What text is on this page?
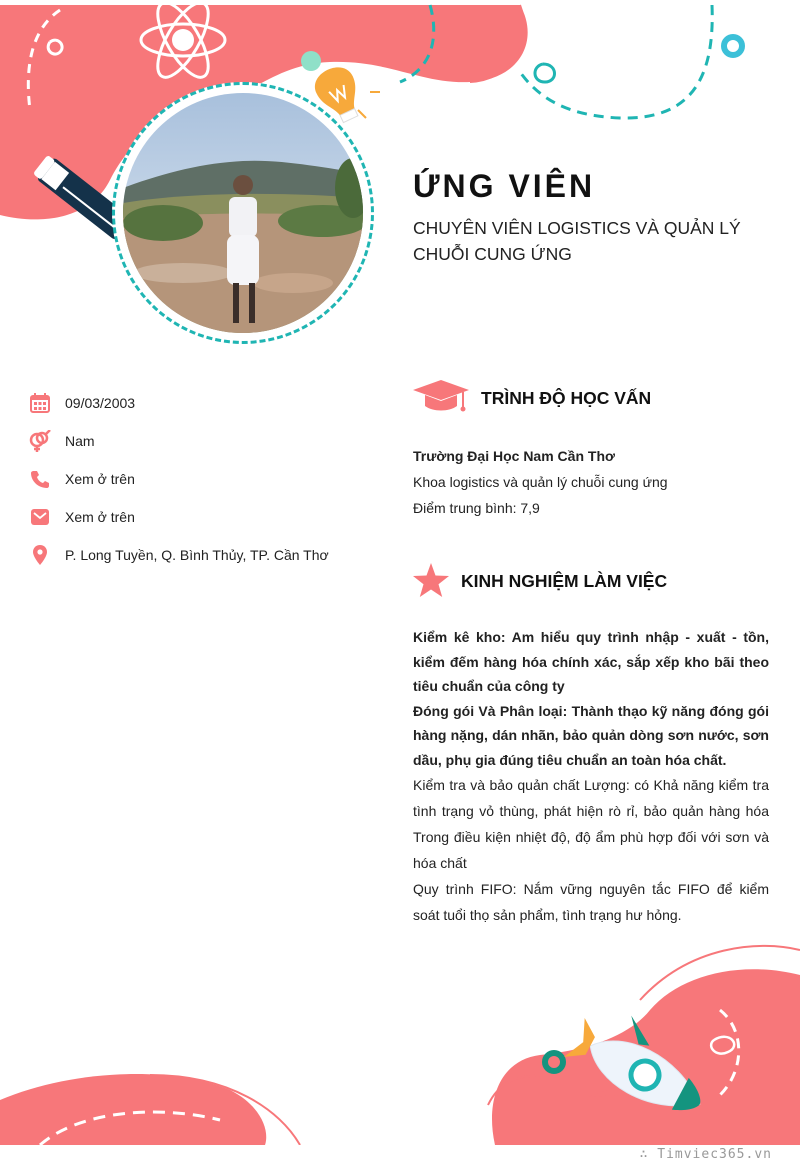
ỨNG VIÊN
CHUYÊN VIÊN LOGISTICS VÀ QUẢN LÝ CHUỖI CUNG ỨNG
09/03/2003
Nam
Xem ở trên
Xem ở trên
P. Long Tuyền, Q. Bình Thủy, TP. Cần Thơ
TRÌNH ĐỘ HỌC VẤN
Trường Đại Học Nam Cần Thơ
Khoa logistics và quản lý chuỗi cung ứng
Điểm trung bình: 7,9
KINH NGHIỆM LÀM VIỆC

Kiểm kê kho: Am hiểu quy trình nhập - xuất - tồn, kiểm đếm hàng hóa chính xác, sắp xếp kho bãi theo tiêu chuẩn của công ty

Đóng gói Và Phân loại: Thành thạo kỹ năng đóng gói hàng nặng, dán nhãn, bảo quản dòng sơn nước, sơn dầu, phụ gia đúng tiêu chuẩn an toàn hóa chất.

Kiểm tra và bảo quản chất Lượng: có Khả năng kiểm tra tình trạng vỏ thùng, phát hiện rò rỉ, bảo quản hàng hóa Trong điều kiện nhiệt độ, độ ẩm phù hợp đối với sơn và hóa chất

Quy trình FIFO: Nắm vững nguyên tắc FIFO để kiểm soát tuổi thọ sản phẩm, tình trạng hư hỏng.

∴ Timviec365.vn
